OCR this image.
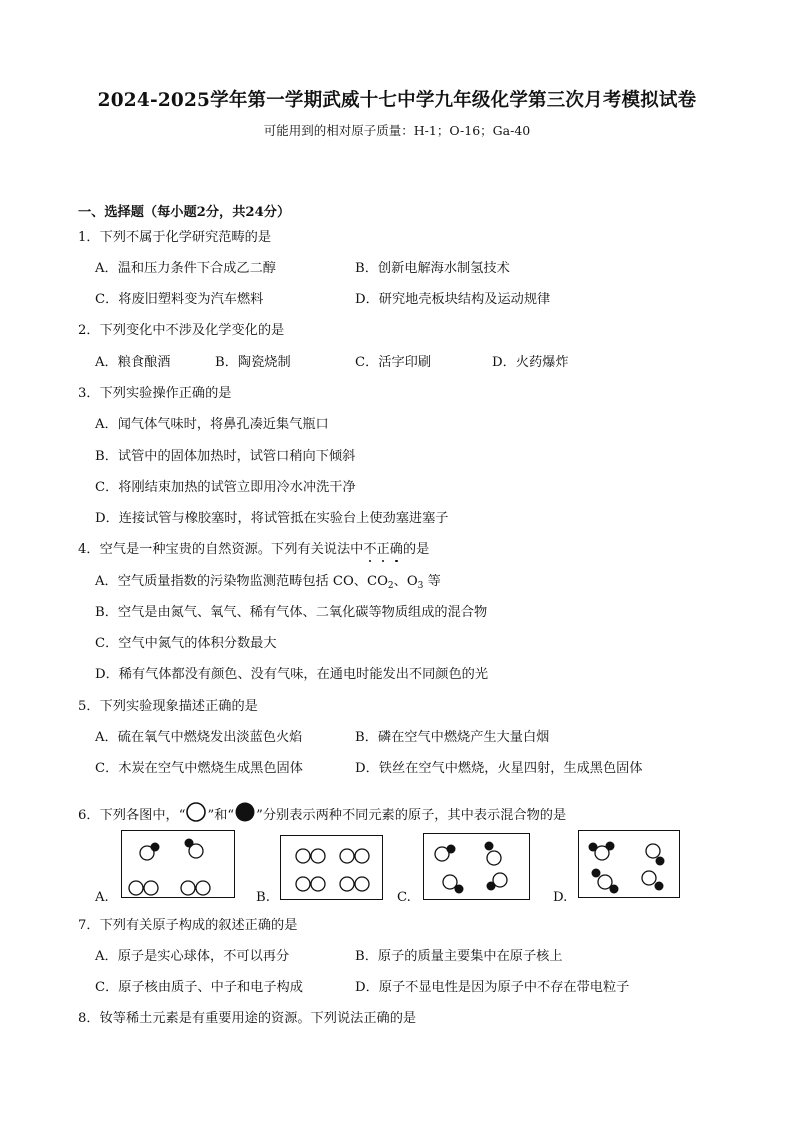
2024-2025学年第一学期武威十七中学九年级化学第三次月考模拟试卷
可能用到的相对原子质量：H-1；O-16；Ga-40
一、选择题（每小题2分，共24分）
1．下列不属于化学研究范畴的是
A．温和压力条件下合成乙二醇	B．创新电解海水制氢技术
C．将废旧塑料变为汽车燃料	D．研究地壳板块结构及运动规律
2．下列变化中不涉及化学变化的是
A．粮食酿酒	B．陶瓷烧制	C．活字印刷	D．火药爆炸
3．下列实验操作正确的是
A．闻气体气味时，将鼻孔凑近集气瓶口
B．试管中的固体加热时，试管口稍向下倾斜
C．将刚结束加热的试管立即用冷水冲洗干净
D．连接试管与橡胶塞时，将试管抵在实验台上使劲塞进塞子
4．空气是一种宝贵的自然资源。下列有关说法中不正确的是
A．空气质量指数的污染物监测范畴包括 CO、$CO_2$、$O_3$ 等
B．空气是由氮气、氧气、稀有气体、二氧化碳等物质组成的混合物
C．空气中氮气的体积分数最大
D．稀有气体都没有颜色、没有气味，在通电时能发出不同颜色的光
5．下列实验现象描述正确的是
A．硫在氧气中燃烧发出淡蓝色火焰	B．磷在空气中燃烧产生大量白烟
C．木炭在空气中燃烧生成黑色固体	D．铁丝在空气中燃烧，火星四射，生成黑色固体
6．下列各图中，“ ”和“ ”分别表示两种不同元素的原子，其中表示混合物的是
A.	B.	C.	D.
7．下列有关原子构成的叙述正确的是
A．原子是实心球体，不可以再分	B．原子的质量主要集中在原子核上
C．原子核由质子、中子和电子构成	D．原子不显电性是因为原子中不存在带电粒子
8．钕等稀土元素是有重要用途的资源。下列说法正确的是
